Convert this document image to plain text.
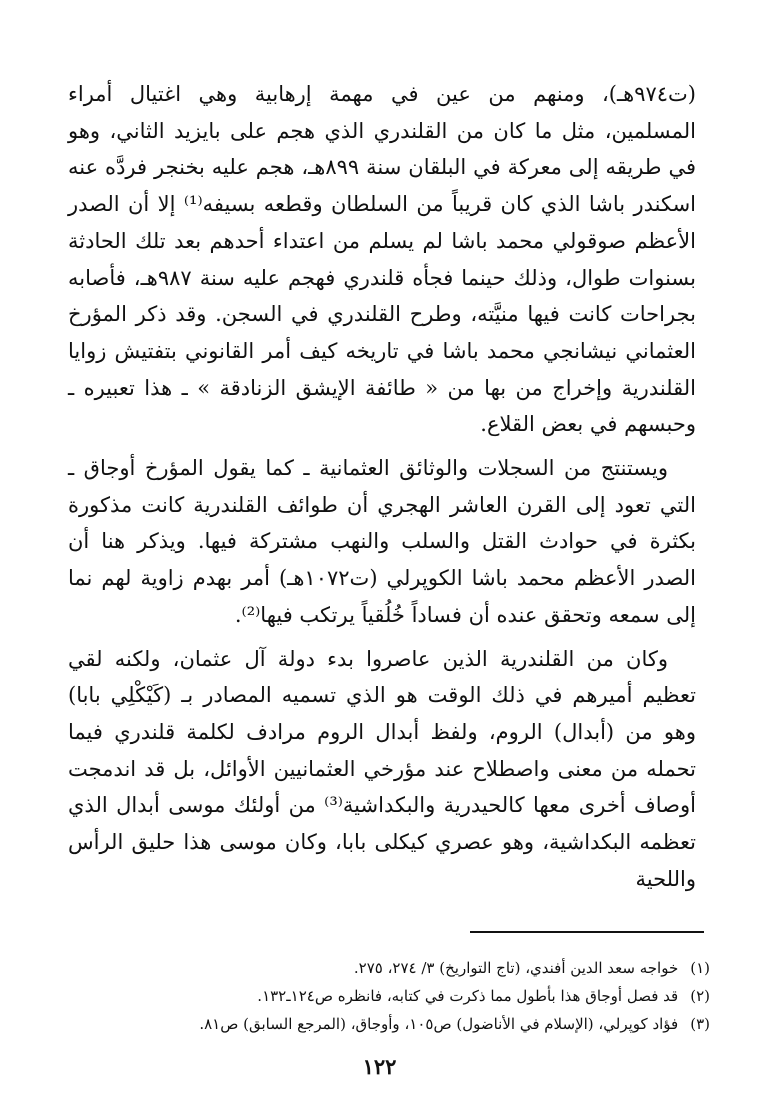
(ت٩٧٤هـ)، ومنهم من عين في مهمة إرهابية وهي اغتيال أمراء المسلمين، مثل ما كان من القلندري الذي هجم على بايزيد الثاني، وهو في طريقه إلى معركة في البلقان سنة ٨٩٩هـ، هجم عليه بخنجر فردَّه عنه اسكندر باشا الذي كان قريباً من السلطان وقطعه بسيفه⁽¹⁾ إلا أن الصدر الأعظم صوقولي محمد باشا لم يسلم من اعتداء أحدهم بعد تلك الحادثة بسنوات طوال، وذلك حينما فجأه قلندري فهجم عليه سنة ٩٨٧هـ، فأصابه بجراحات كانت فيها منيَّته، وطرح القلندري في السجن. وقد ذكر المؤرخ العثماني نيشانجي محمد باشا في تاريخه كيف أمر القانوني بتفتيش زوايا القلندرية وإخراج من بها من « طائفة الإيشق الزنادقة » ـ هذا تعبيره ـ وحبسهم في بعض القلاع.

ويستنتج من السجلات والوثائق العثمانية ـ كما يقول المؤرخ أوجاق ـ التي تعود إلى القرن العاشر الهجري أن طوائف القلندرية كانت مذكورة بكثرة في حوادث القتل والسلب والنهب مشتركة فيها. ويذكر هنا أن الصدر الأعظم محمد باشا الكوپرلي (ت١٠٧٢هـ) أمر بهدم زاوية لهم نما إلى سمعه وتحقق عنده أن فساداً خُلُقياً يرتكب فيها⁽²⁾.

وكان من القلندرية الذين عاصروا بدء دولة آل عثمان، ولكنه لقي تعظيم أميرهم في ذلك الوقت هو الذي تسميه المصادر بـ (كَيْكْلِي بابا) وهو من (أبدال) الروم، ولفظ أبدال الروم مرادف لكلمة قلندري فيما تحمله من معنى واصطلاح عند مؤرخي العثمانيين الأوائل، بل قد اندمجت أوصاف أخرى معها كالحيدرية والبكداشية⁽³⁾ من أولئك موسى أبدال الذي تعظمه البكداشية، وهو عصري كيكلى بابا، وكان موسى هذا حليق الرأس واللحية

(١)خواجه سعد الدين أفندي، (تاج التواريخ) ٣/ ٢٧٤، ٢٧٥.
(٢)قد فصل أوجاق هذا بأطول مما ذكرت في كتابه، فانظره ص١٢٤ـ١٣٢.
(٣)فؤاد كوپرلي، (الإسلام في الأناضول) ص١٠٥، وأوجاق، (المرجع السابق) ص٨١.
١٢٢
